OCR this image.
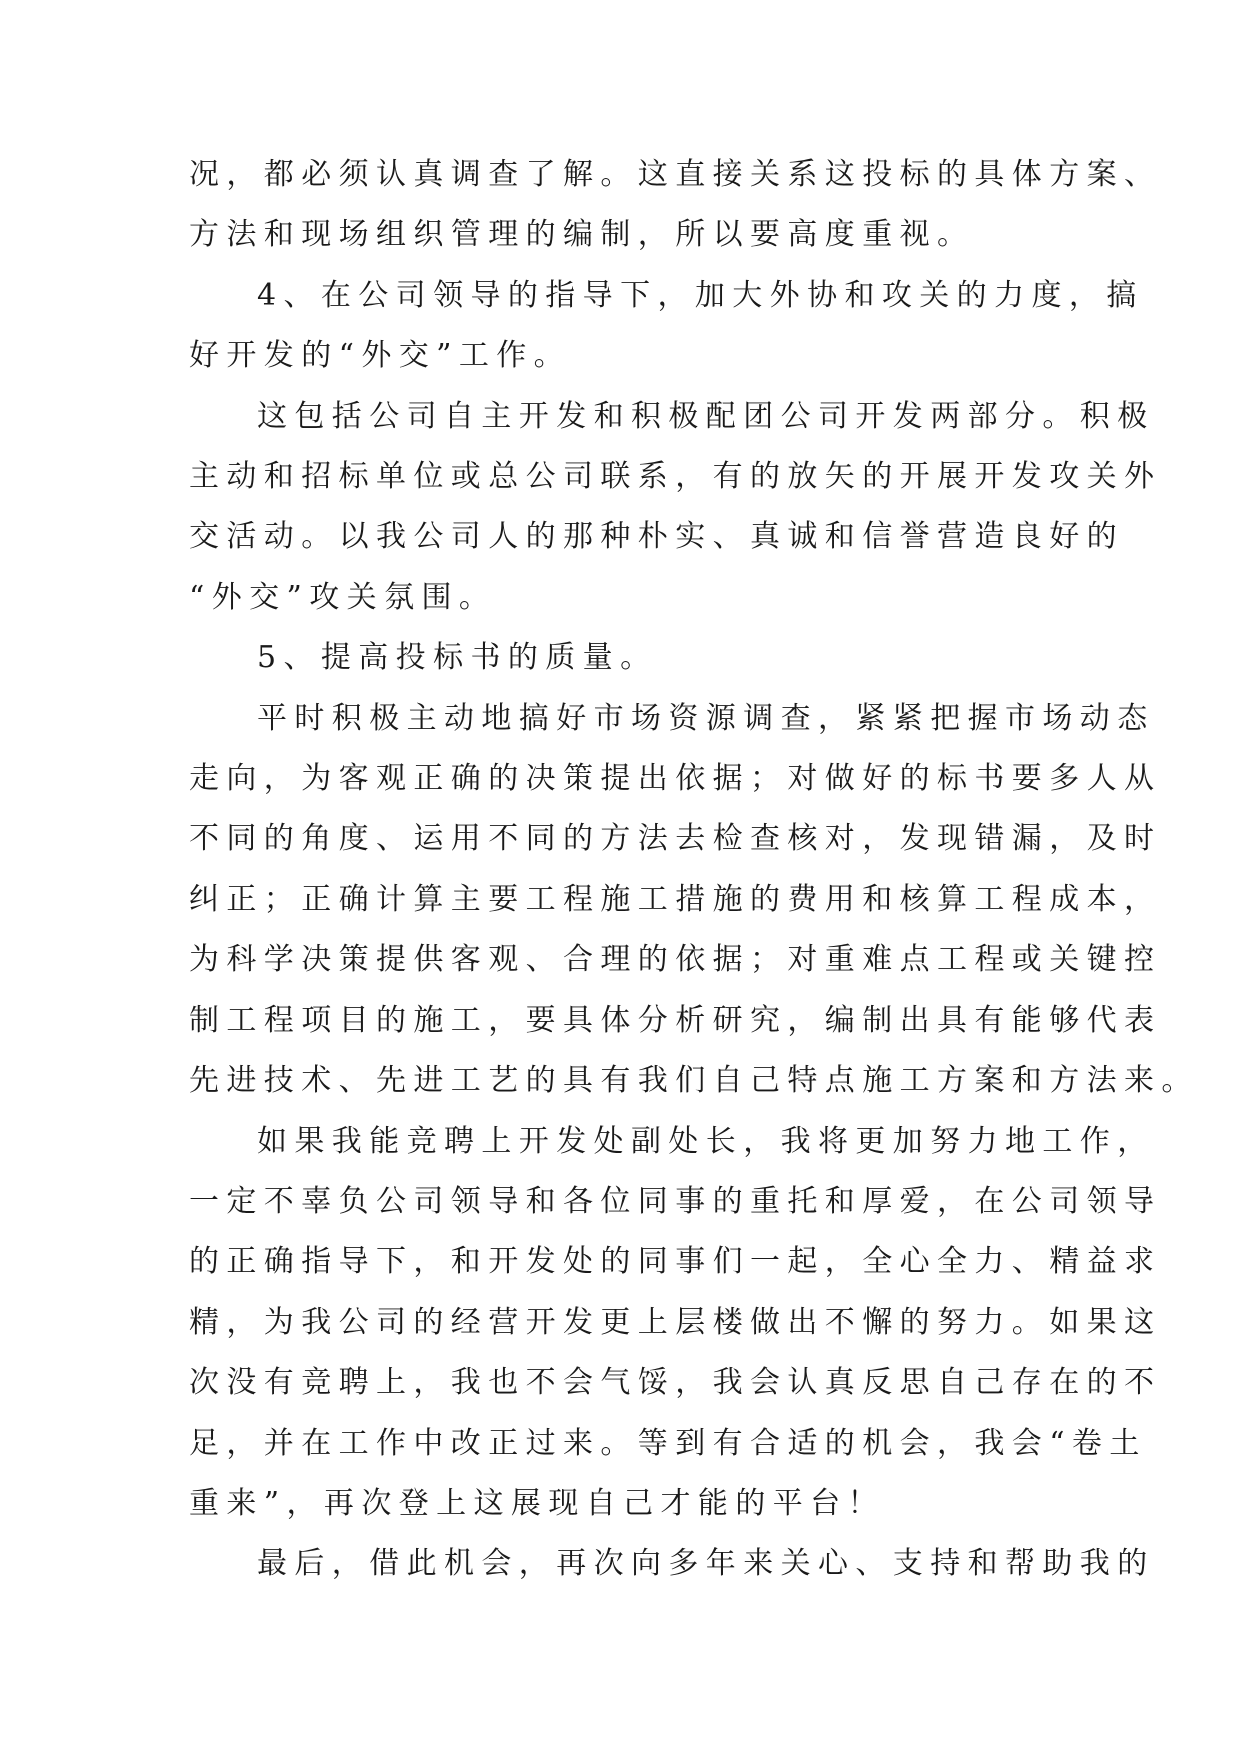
况，都必须认真调查了解。这直接关系这投标的具体方案、
方法和现场组织管理的编制，所以要高度重视。

4、在公司领导的指导下，加大外协和攻关的力度，搞

好开发的“外交”工作。

这包括公司自主开发和积极配团公司开发两部分。积极

主动和招标单位或总公司联系，有的放矢的开展开发攻关外
交活动。以我公司人的那种朴实、真诚和信誉营造良好的
“外交”攻关氛围。

5、提高投标书的质量。

平时积极主动地搞好市场资源调查，紧紧把握市场动态

走向，为客观正确的决策提出依据；对做好的标书要多人从
不同的角度、运用不同的方法去检查核对，发现错漏，及时
纠正；正确计算主要工程施工措施的费用和核算工程成本，
为科学决策提供客观、合理的依据；对重难点工程或关键控
制工程项目的施工，要具体分析研究，编制出具有能够代表
先进技术、先进工艺的具有我们自己特点施工方案和方法来。

如果我能竞聘上开发处副处长，我将更加努力地工作，

一定不辜负公司领导和各位同事的重托和厚爱，在公司领导
的正确指导下，和开发处的同事们一起，全心全力、精益求
精，为我公司的经营开发更上层楼做出不懈的努力。如果这
次没有竞聘上，我也不会气馁，我会认真反思自己存在的不
足，并在工作中改正过来。等到有合适的机会，我会“卷土
重来”，再次登上这展现自己才能的平台！

最后，借此机会，再次向多年来关心、支持和帮助我的
